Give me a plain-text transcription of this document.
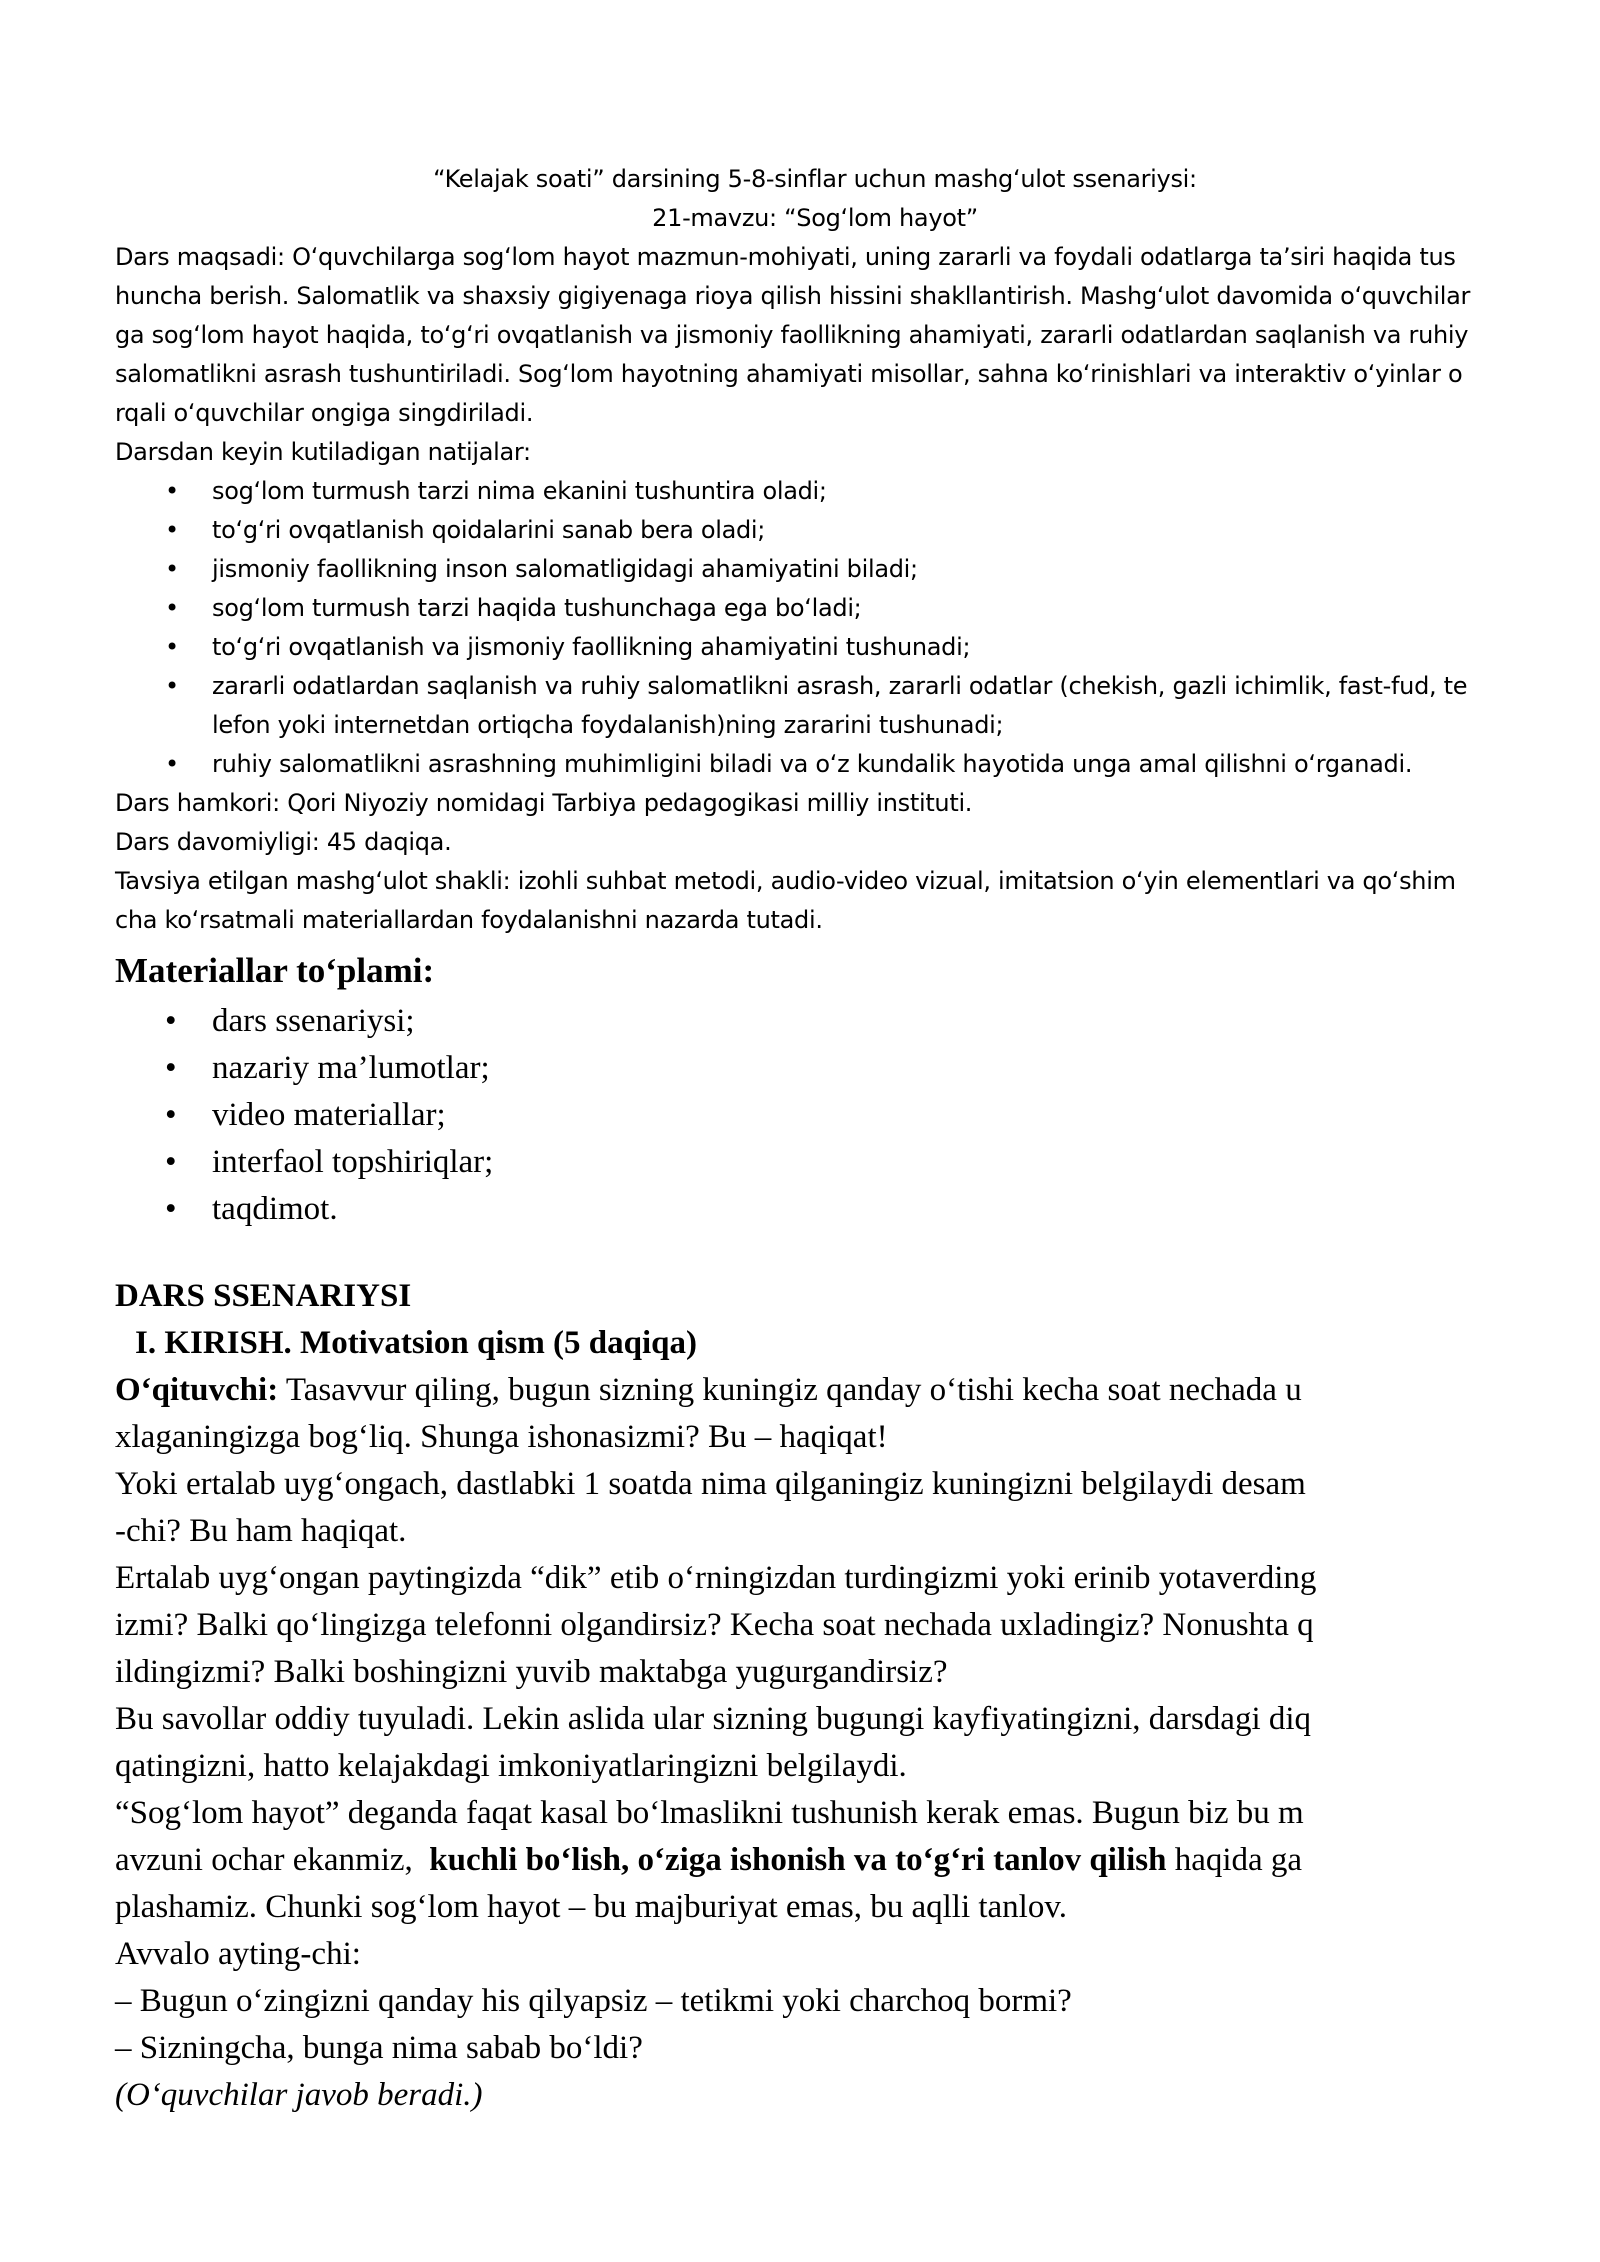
“Kelajak soati” darsining 5-8-sinflar uchun mashgʻulot ssenariysi:
21-mavzu: “Sogʻlom hayot”
Dars maqsadi: Oʻquvchilarga sogʻlom hayot mazmun-mohiyati, uning zararli va foydali odatlarga ta’siri haqida tus
huncha berish. Salomatlik va shaxsiy gigiyenaga rioya qilish hissini shakllantirish. Mashgʻulot davomida oʻquvchilar
ga sogʻlom hayot haqida, toʻgʻri ovqatlanish va jismoniy faollikning ahamiyati, zararli odatlardan saqlanish va ruhiy
salomatlikni asrash tushuntiriladi. Sogʻlom hayotning ahamiyati misollar, sahna koʻrinishlari va interaktiv oʻyinlar o
rqali oʻquvchilar ongiga singdiriladi.
Darsdan keyin kutiladigan natijalar:
• sogʻlom turmush tarzi nima ekanini tushuntira oladi;
• toʻgʻri ovqatlanish qoidalarini sanab bera oladi;
• jismoniy faollikning inson salomatligidagi ahamiyatini biladi;
• sogʻlom turmush tarzi haqida tushunchaga ega boʻladi;
• toʻgʻri ovqatlanish va jismoniy faollikning ahamiyatini tushunadi;
• zararli odatlardan saqlanish va ruhiy salomatlikni asrash, zararli odatlar (chekish, gazli ichimlik, fast-fud, te
lefon yoki internetdan ortiqcha foydalanish)ning zararini tushunadi;
• ruhiy salomatlikni asrashning muhimligini biladi va oʻz kundalik hayotida unga amal qilishni oʻrganadi.
Dars hamkori: Qori Niyoziy nomidagi Tarbiya pedagogikasi milliy instituti.
Dars davomiyligi: 45 daqiqa.
Tavsiya etilgan mashgʻulot shakli: izohli suhbat metodi, audio-video vizual, imitatsion oʻyin elementlari va qoʻshim
cha koʻrsatmali materiallardan foydalanishni nazarda tutadi.
Materiallar toʻplami:
• dars ssenariysi;
• nazariy ma’lumotlar;
• video materiallar;
• interfaol topshiriqlar;
• taqdimot.
DARS SSENARIYSI
I. KIRISH. Motivatsion qism (5 daqiqa)
Oʻqituvchi: Tasavvur qiling, bugun sizning kuningiz qanday oʻtishi kecha soat nechada u
xlaganingizga bogʻliq. Shunga ishonasizmi? Bu – haqiqat!
Yoki ertalab uygʻongach, dastlabki 1 soatda nima qilganingiz kuningizni belgilaydi desam
-chi? Bu ham haqiqat.
Ertalab uygʻongan paytingizda “dik” etib oʻrningizdan turdingizmi yoki erinib yotaverding
izmi? Balki qoʻlingizga telefonni olgandirsiz? Kecha soat nechada uxladingiz? Nonushta q
ildingizmi? Balki boshingizni yuvib maktabga yugurgandirsiz?
Bu savollar oddiy tuyuladi. Lekin aslida ular sizning bugungi kayfiyatingizni, darsdagi diq
qatingizni, hatto kelajakdagi imkoniyatlaringizni belgilaydi.
“Sogʻlom hayot” deganda faqat kasal boʻlmaslikni tushunish kerak emas. Bugun biz bu m
avzuni ochar ekanmiz,  kuchli boʻlish, oʻziga ishonish va toʻgʻri tanlov qilish haqida ga
plashamiz. Chunki sogʻlom hayot – bu majburiyat emas, bu aqlli tanlov.
Avvalo ayting-chi:
– Bugun oʻzingizni qanday his qilyapsiz – tetikmi yoki charchoq bormi?
– Sizningcha, bunga nima sabab boʻldi?
(Oʻquvchilar javob beradi.)
